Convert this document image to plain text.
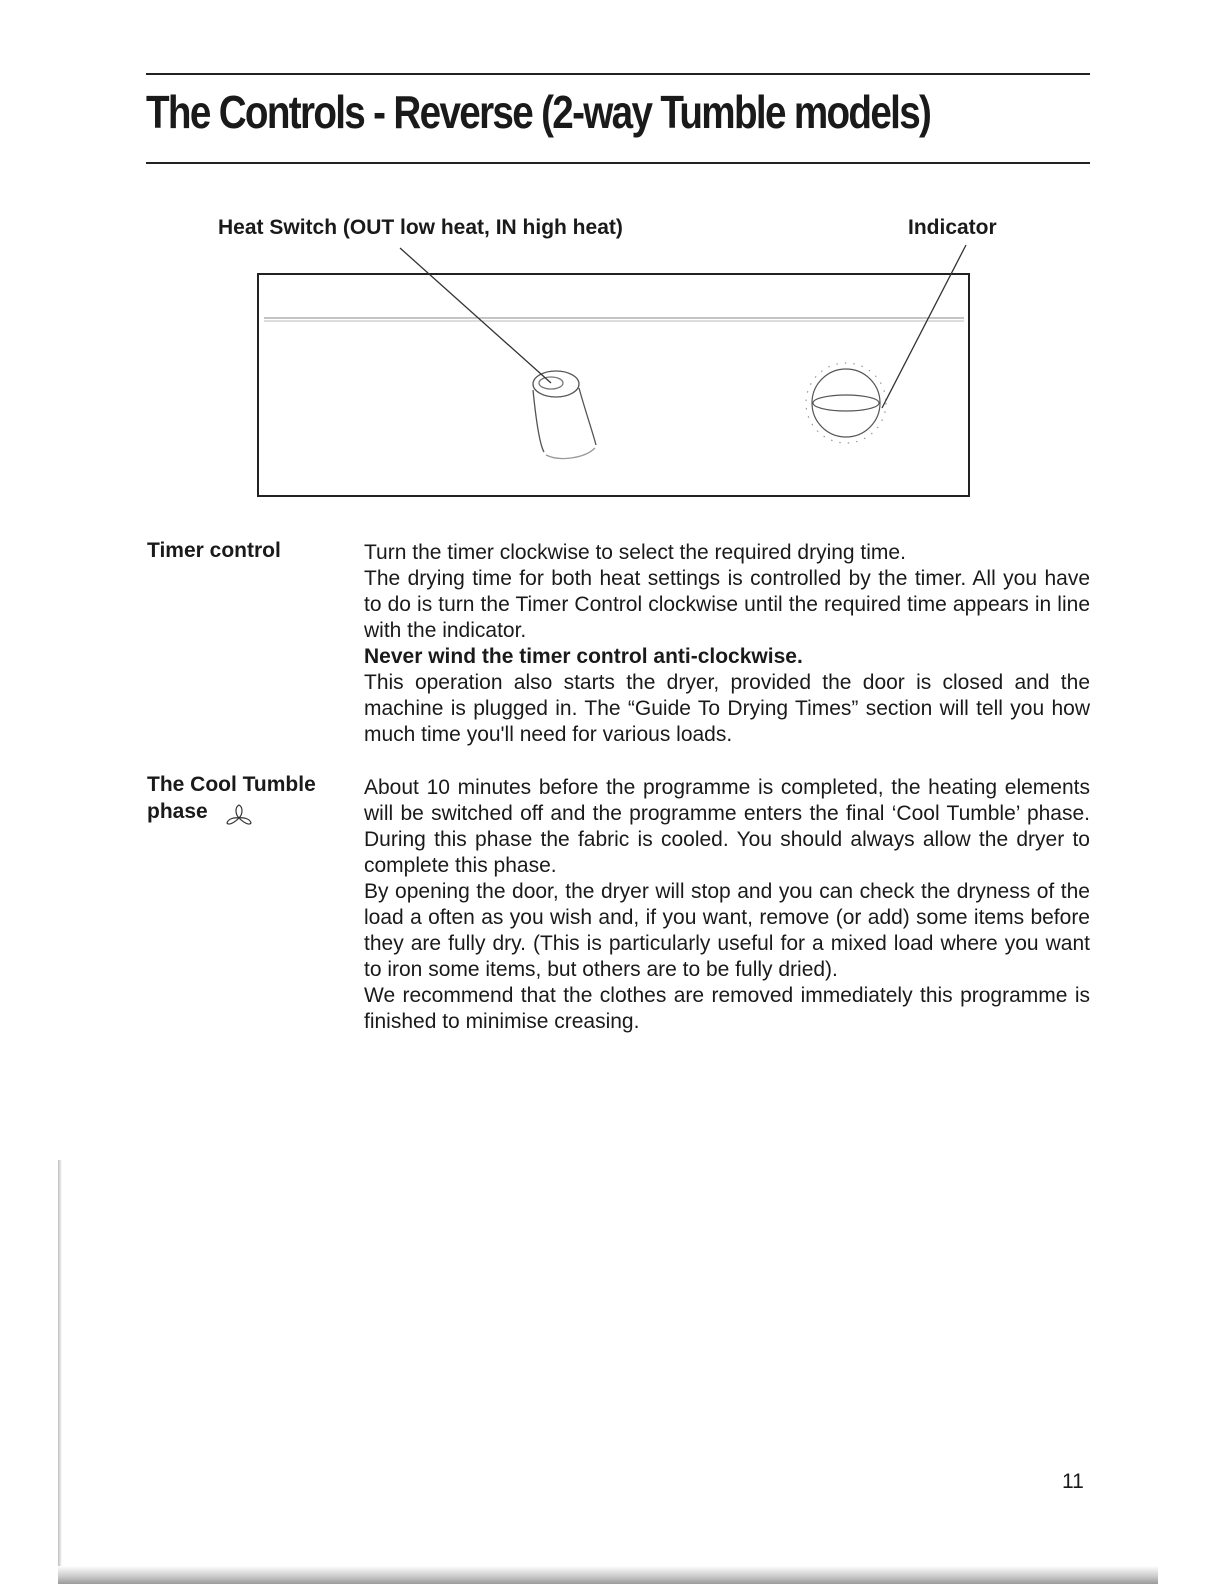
The Controls - Reverse (2-way Tumble models)
Heat Switch (OUT low heat, IN high heat)	Indicator
Timer control	Turn the timer clockwise to select the required drying time.

The drying time for both heat settings is controlled by the timer. All you have to do is turn the Timer Control clockwise until the required time appears in line with the indicator.

Never wind the timer control anti-clockwise.

This operation also starts the dryer, provided the door is closed and the machine is plugged in. The “Guide To Drying Times” section will tell you how much time you'll need for various loads.

The Cool Tumble
phase

About 10 minutes before the programme is completed, the heating elements will be switched off and the programme enters the final ‘Cool Tumble’ phase. During this phase the fabric is cooled. You should always allow the dryer to complete this phase.

By opening the door, the dryer will stop and you can check the dryness of the load a often as you wish and, if you want, remove (or add) some items before they are fully dry. (This is particularly useful for a mixed load where you want to iron some items, but others are to be fully dried).

We recommend that the clothes are removed immediately this programme is finished to minimise creasing.

11
